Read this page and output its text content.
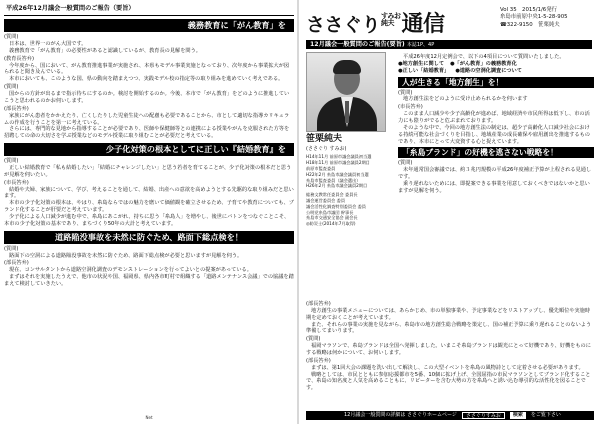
平成26年12月議会一般質問のご報告（要旨）
義務教育に「がん教育」を
(質問)
日本は、世界一のがん大国です。
義務教育で「がん教育」の必要性があると認識しているが、教育長の見解を問う。
(教育長答弁)
今年度から、国において、がん教育推進事業が実施され、本県もモデル事業実施となっており、次年度から事業拡大が図られると聞き及んでいる。
本市においても、このような国、県の動向を踏まえつつ、実践モデル校の指定等の取り組みを進めていく考えである。
(質問)
国からの方針が出るまで指示待ちにするのか。検討を開始するのか。今後、本市で「がん教育」をどのように推進していこうと思われるのかお伺いします。
(部長答弁)
家族にがん患者をかかえたり、亡くしたりした児童生徒への配慮も必要であることから、市として適切な指導カリキュラムの作成を行うことを第一に考えている。
さらには、専門的な見地から指導することが必要であり、医師や保健師等との連携による授業やがんを克服された方等を招聘しての命の大切さを学ぶ授業などのモデル授業に取り組むことが必要だと考えている。
少子化対策の根本としてに正しい『結婚教育』を
(質問)
正しい結婚教育で「私も結婚したい」「結婚にチャレンジしたい」と思う若者を育てることが、少子化対策の根本だと思うが見解を伺いたい。
(市長答弁)
結婚や夫婦、家族について、学び、考えることを通して、結婚、出産への意欲を高めようとする先駆的な取り組みだと思います。
本市の少子化対策の根本は、やはり、糸島ならではの魅力を磨いて価値観を確立させるため、子育てや教育についても、ブランド化することが肝要だと考えています。
少子化による人口減少が進む中で、糸島にあこがれ、持ちに思う「糸島人」を増やし、後世にバトンをつなぐことこそ、本市の少子化対策の基本であり、まちづくり50年の大計と考えています。
道路陥没事故を未然に防ぐため、路面下総点検を！
(質問)
路面下の空洞による道路陥没事故を未然に防ぐため、路面下総点検が必要と思いますが見解を伺う。
(部長答弁)
現在、コンサルタントから道路空洞化調査のデモンストレーションを行ってよいとの提案があっている。
まずはそれを実施したうえで、他市の状況や国、福岡県、県内各市町村で組織する「道路メンテナンス会議」での協議を踏まえて検討していきたい。
Net
ささぐりすみお
純夫 通信
Vol 35　2015/1/6発行
糸島市前原中央1-5-28-905
☎322-9150　笹栗純夫
12月議会一般質問のご報告(要旨) 本誌1P、4P
笹栗純夫
(ささぐり すみお)
H14年11月 前原市議会議員初当選
H18年11月 前原市議会議員2期目
前原市監査委員
H22年2月 糸島市議会議員初当選
糸島市監査委員（議会選出）
H26年2月 糸島市議会議員2期目
総務文教常任委員会 委員長
議会運営委員会 委員
議会活性化調査特別委員会 委員
公明党糸島市議団 幹事長
糸島市交通安全協会 副会長
◎防災士(2014年7月取得)
平成26年度12月定例会で、以下の4項目について質問いたしました。
●地方創生に関して ●「がん教育」の義務教育化
●正しい「結婚教育」 ●道路の空洞化調査について
人が生きる「地方創生」を！
(質問)
地方創生法をどのように受け止められるかを伺います
(市長答弁)
このまま人口減少や少子高齢化が進めば、地域経済や市民所得は低下し、市の活力にも陰りがでると危ぶまれております。
そのような中で、今回の地方創生法の制定は、超少子高齢化人口減少社会における持続可能な社会づくりを目指し、地域産業の成長確保や雇用創出を推進するものであり、本市にとって大変資する心と捉えています。
「糸島ブランド」の好機を逃さない戦略を！
(質問)
未年通常国会審議では、約３兆円規模の平成26年度補正予算が上程される見通しです。
乗り遅れないためには、即提案できる事業を用意しておくべきではないかと思いますが見解を伺う。
(部長答弁)
地方創生の事業メニューについては、あらかじめ、市の単独事業や、予定事業などをリストアップし、優先順位や実施時期を定めておくことが考えています。
また、それらの事業の実施を見ながら、糸島市の地方創生総合戦略を策定し、国の補正予算に乗り遅れることのないよう準備してまいります。
(質問)
福岡マラソンで、糸島ブランドは全国へ発揮しました。いまこそ糸島ブランドは観光にとって好機であり、好機をものにする戦略は何かについて、お伺いします。
(部長答弁)
まずは、第1回大会の課題を洗い出して解決し、この大型イベントを糸島の風物詩として定着させる必要があります。
戦略としては、市民とともに参加応援都市を5番、10個に拡げ上げ、全国屈指の市民マラソンとしてブランド化することで、糸島の知名度と人気を高めることもに、リピーターを含む大勢の方を糸島へと誘い込む導引的な活性化を図ることです。
12月議会一般質問の詳細は ささぐりホームページ	ささぐりすみお	検索	をご覧下さい
